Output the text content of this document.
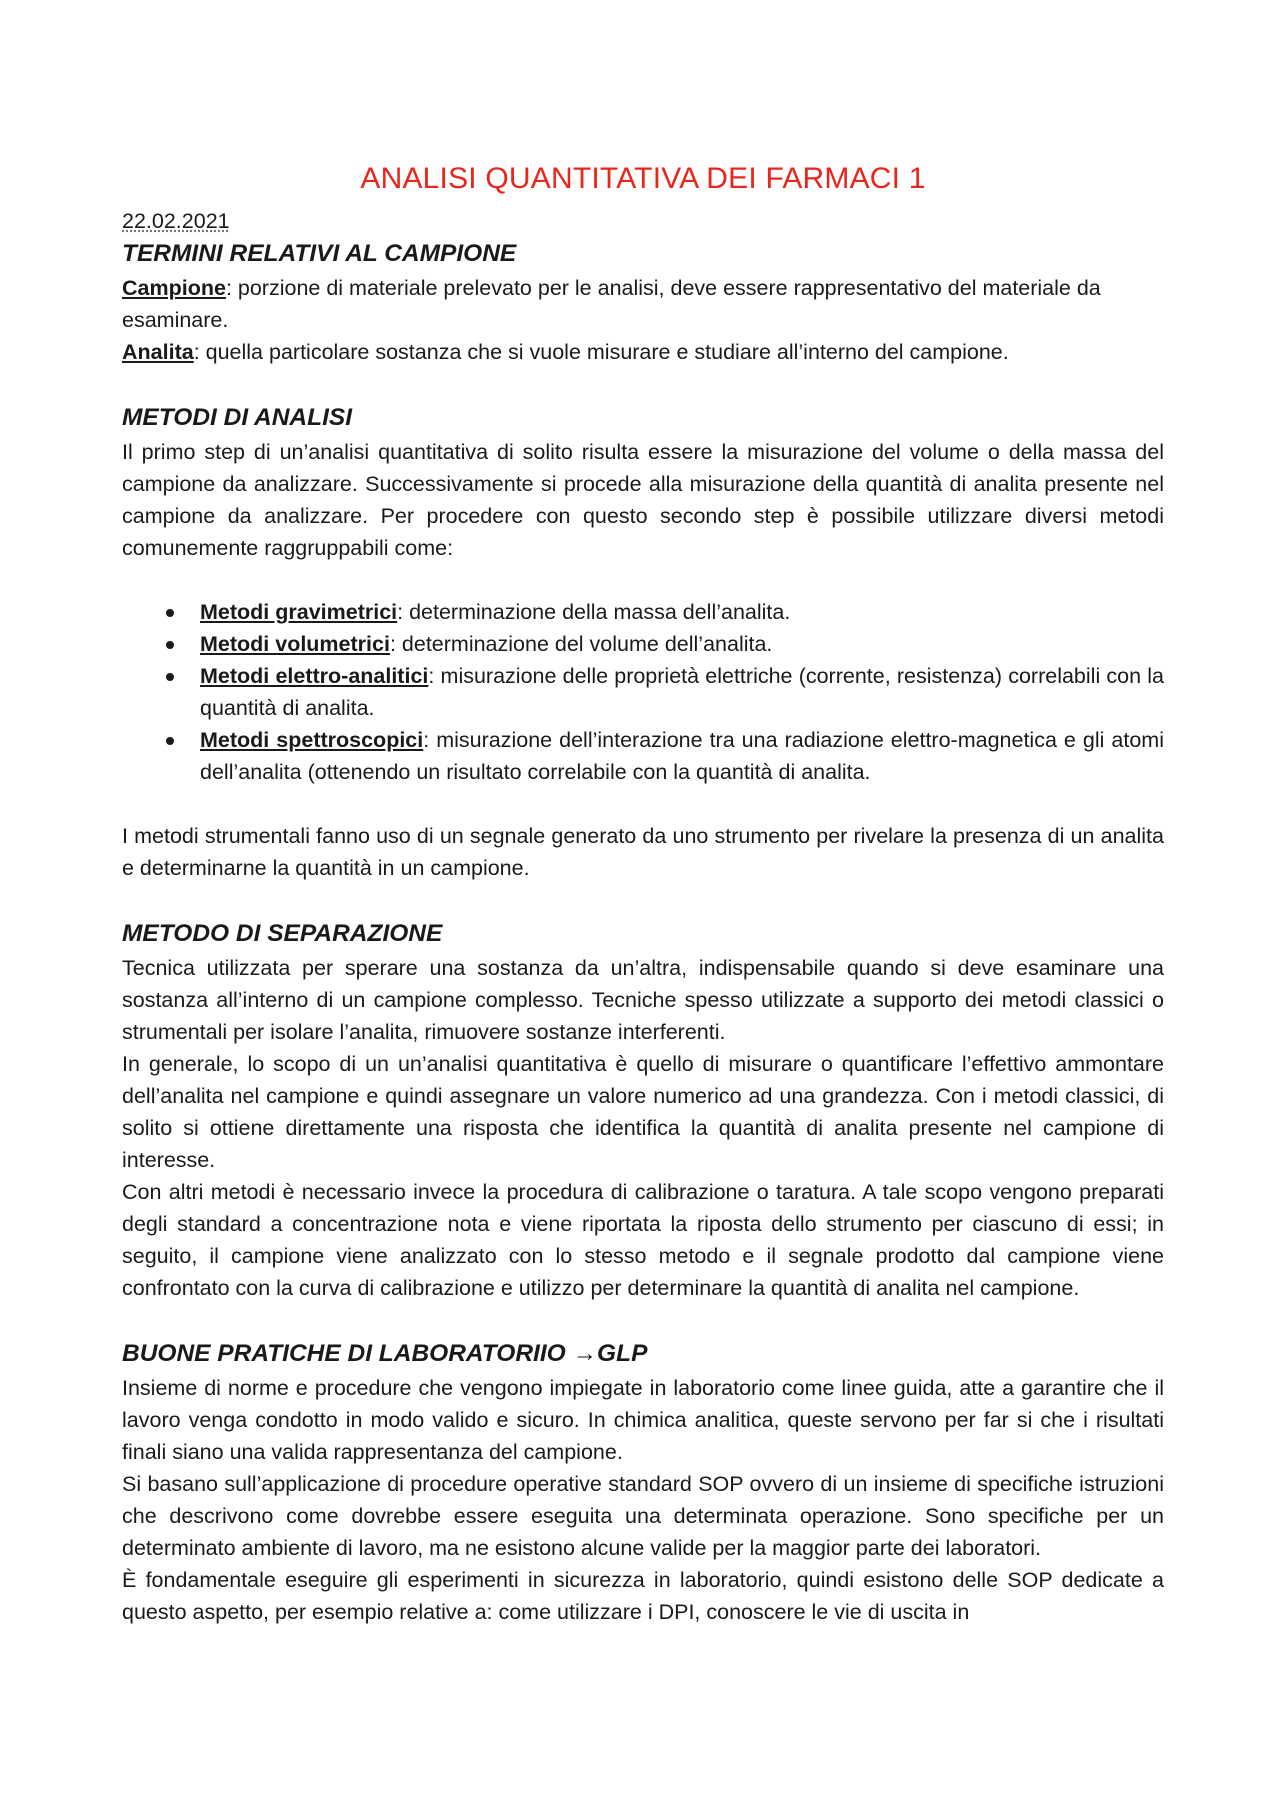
ANALISI QUANTITATIVA DEI FARMACI 1

22.02.2021

TERMINI RELATIVI AL CAMPIONE

Campione: porzione di materiale prelevato per le analisi, deve essere rappresentativo del materiale da esaminare.

Analita: quella particolare sostanza che si vuole misurare e studiare all’interno del campione.

METODI DI ANALISI

Il primo step di un’analisi quantitativa di solito risulta essere la misurazione del volume o della massa del campione da analizzare. Successivamente si procede alla misurazione della quantità di analita presente nel campione da analizzare. Per procedere con questo secondo step è possibile utilizzare diversi metodi comunemente raggruppabili come:

Metodi gravimetrici: determinazione della massa dell’analita.
Metodi volumetrici: determinazione del volume dell’analita.
Metodi elettro-analitici: misurazione delle proprietà elettriche (corrente, resistenza) correlabili con la quantità di analita.
Metodi spettroscopici: misurazione dell’interazione tra una radiazione elettro-magnetica e gli atomi dell’analita (ottenendo un risultato correlabile con la quantità di analita.

I metodi strumentali fanno uso di un segnale generato da uno strumento per rivelare la presenza di un analita e determinarne la quantità in un campione.

METODO DI SEPARAZIONE

Tecnica utilizzata per sperare una sostanza da un’altra, indispensabile quando si deve esaminare una sostanza all’interno di un campione complesso. Tecniche spesso utilizzate a supporto dei metodi classici o strumentali per isolare l’analita, rimuovere sostanze interferenti.

In generale, lo scopo di un un’analisi quantitativa è quello di misurare o quantificare l’effettivo ammontare dell’analita nel campione e quindi assegnare un valore numerico ad una grandezza. Con i metodi classici, di solito si ottiene direttamente una risposta che identifica la quantità di analita presente nel campione di interesse.

Con altri metodi è necessario invece la procedura di calibrazione o taratura. A tale scopo vengono preparati degli standard a concentrazione nota e viene riportata la riposta dello strumento per ciascuno di essi; in seguito, il campione viene analizzato con lo stesso metodo e il segnale prodotto dal campione viene confrontato con la curva di calibrazione e utilizzo per determinare la quantità di analita nel campione.

BUONE PRATICHE DI LABORATORIIO →GLP

Insieme di norme e procedure che vengono impiegate in laboratorio come linee guida, atte a garantire che il lavoro venga condotto in modo valido e sicuro. In chimica analitica, queste servono per far si che i risultati finali siano una valida rappresentanza del campione.

Si basano sull’applicazione di procedure operative standard SOP ovvero di un insieme di specifiche istruzioni che descrivono come dovrebbe essere eseguita una determinata operazione. Sono specifiche per un determinato ambiente di lavoro, ma ne esistono alcune valide per la maggior parte dei laboratori.

È fondamentale eseguire gli esperimenti in sicurezza in laboratorio, quindi esistono delle SOP dedicate a questo aspetto, per esempio relative a: come utilizzare i DPI, conoscere le vie di uscita in
